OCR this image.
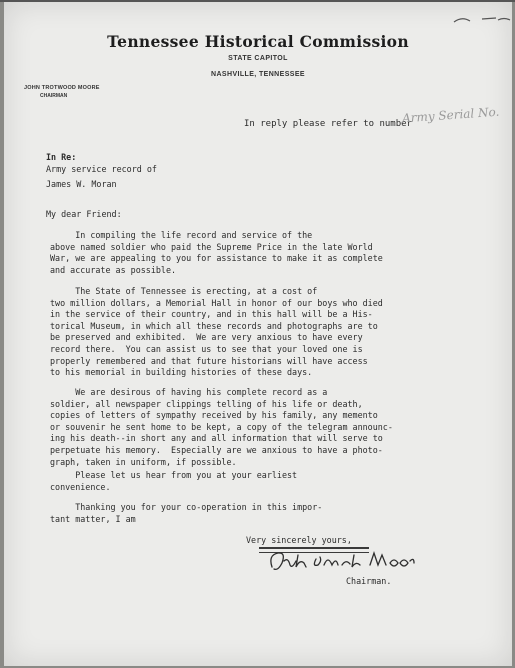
Tennessee Historical Commission
STATE CAPITOL
NASHVILLE, TENNESSEE
JOHN TROTWOOD MOORE
CHAIRMAN
In reply please refer to number
Army Serial No.
In Re:
Army service record of
James W. Moran
My dear Friend:
In compiling the life record and service of the
above named soldier who paid the Supreme Price in the late World
War, we are appealing to you for assistance to make it as complete
and accurate as possible.
The State of Tennessee is erecting, at a cost of
two million dollars, a Memorial Hall in honor of our boys who died
in the service of their country, and in this hall will be a His-
torical Museum, in which all these records and photographs are to
be preserved and exhibited.  We are very anxious to have every
record there.  You can assist us to see that your loved one is
properly remembered and that future historians will have access
to his memorial in building histories of these days.
We are desirous of having his complete record as a
soldier, all newspaper clippings telling of his life or death,
copies of letters of sympathy received by his family, any memento
or souvenir he sent home to be kept, a copy of the telegram announc-
ing his death--in short any and all information that will serve to
perpetuate his memory.  Especially are we anxious to have a photo-
graph, taken in uniform, if possible.
Please let us hear from you at your earliest
convenience.
Thanking you for your co-operation in this impor-
tant matter, I am
Very sincerely yours,
Chairman.
